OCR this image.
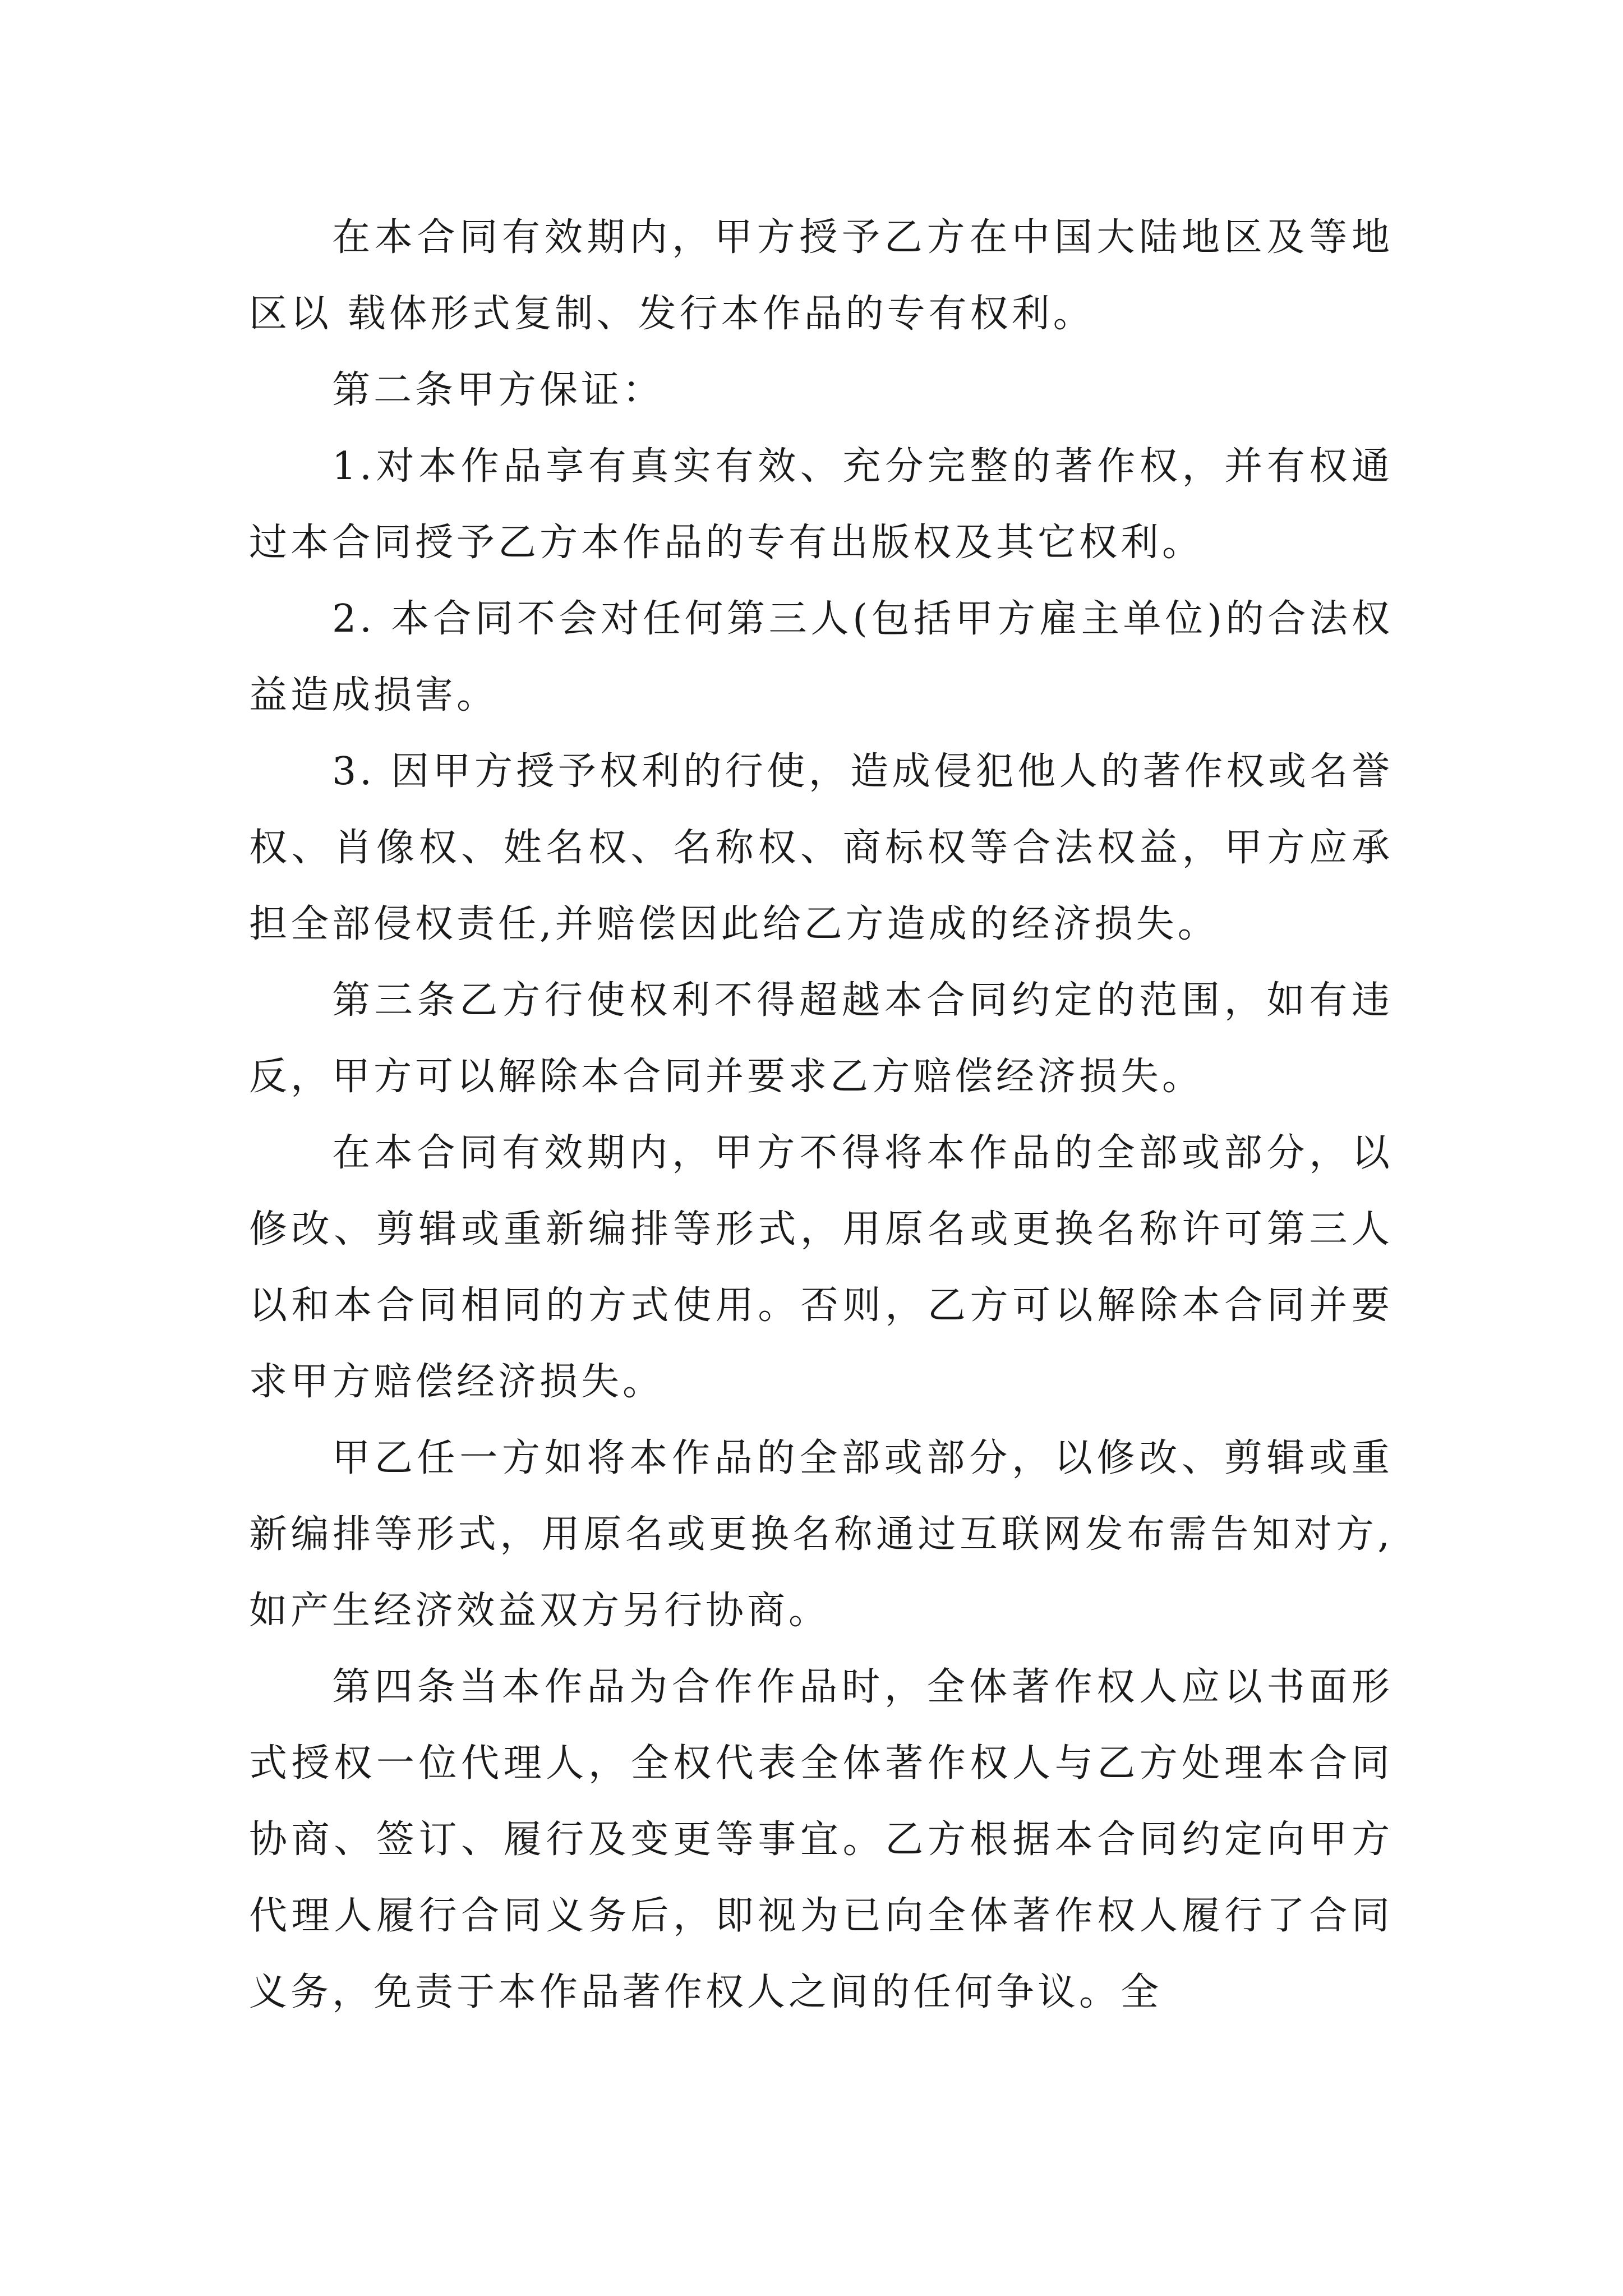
在本合同有效期内，甲方授予乙方在中国大陆地区及等地区以 载体形式复制、发行本作品的专有权利。

第二条甲方保证：

1.对本作品享有真实有效、充分完整的著作权，并有权通过本合同授予乙方本作品的专有出版权及其它权利。

2. 本合同不会对任何第三人(包括甲方雇主单位)的合法权益造成损害。

3. 因甲方授予权利的行使，造成侵犯他人的著作权或名誉权、肖像权、姓名权、名称权、商标权等合法权益，甲方应承担全部侵权责任,并赔偿因此给乙方造成的经济损失。

第三条乙方行使权利不得超越本合同约定的范围，如有违反，甲方可以解除本合同并要求乙方赔偿经济损失。

在本合同有效期内，甲方不得将本作品的全部或部分，以修改、剪辑或重新编排等形式，用原名或更换名称许可第三人以和本合同相同的方式使用。否则，乙方可以解除本合同并要求甲方赔偿经济损失。

甲乙任一方如将本作品的全部或部分，以修改、剪辑或重新编排等形式，用原名或更换名称通过互联网发布需告知对方,如产生经济效益双方另行协商。

第四条当本作品为合作作品时，全体著作权人应以书面形式授权一位代理人，全权代表全体著作权人与乙方处理本合同协商、签订、履行及变更等事宜。乙方根据本合同约定向甲方代理人履行合同义务后，即视为已向全体著作权人履行了合同义务，免责于本作品著作权人之间的任何争议。全
